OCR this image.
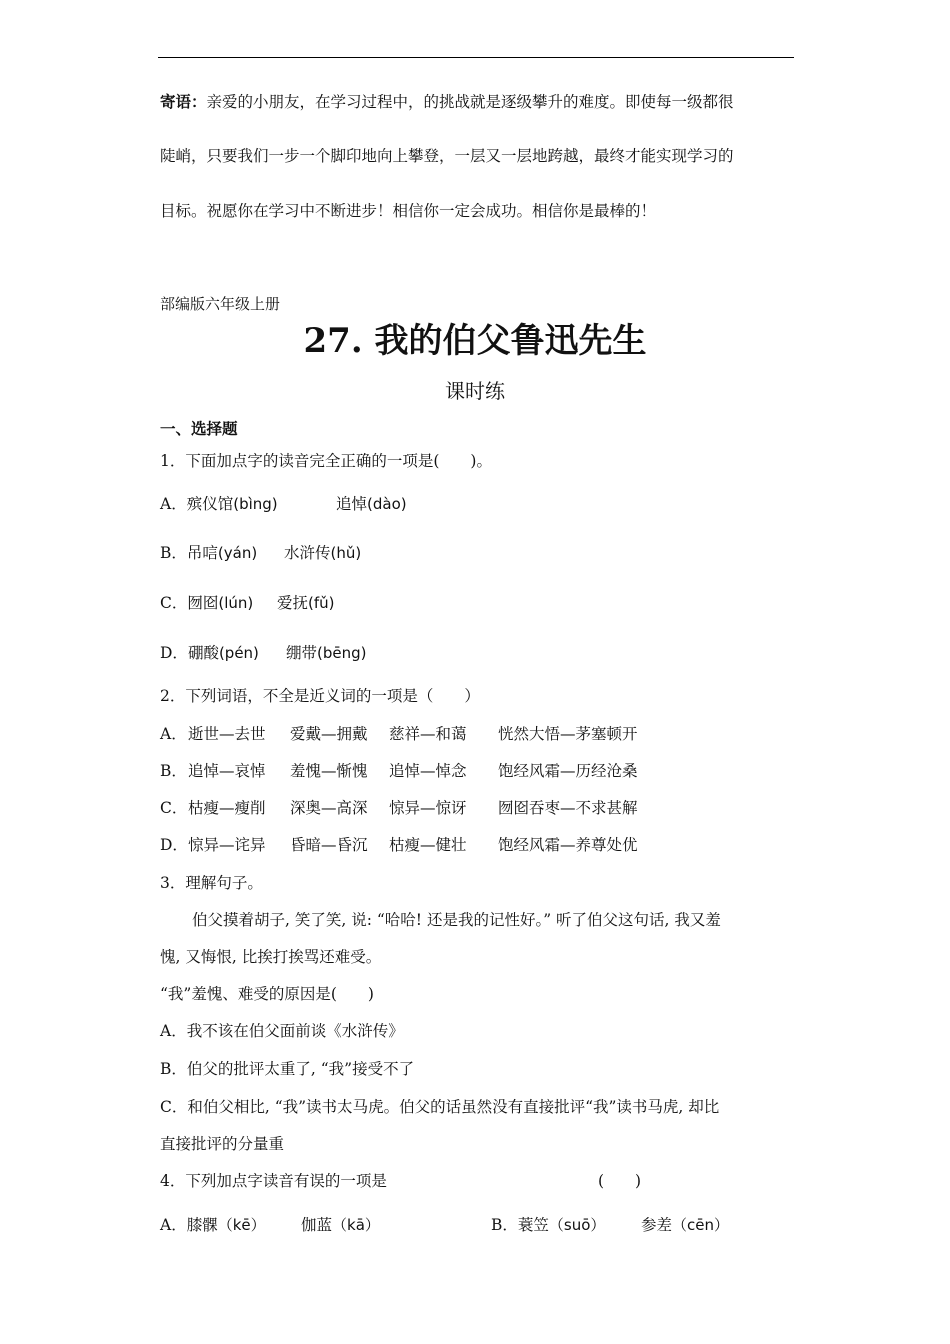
寄语：亲爱的小朋友，在学习过程中，的挑战就是逐级攀升的难度。即使每一级都很
陡峭，只要我们一步一个脚印地向上攀登，一层又一层地跨越，最终才能实现学习的
目标。祝愿你在学习中不断进步！相信你一定会成功。相信你是最棒的！
部编版六年级上册
27. 我的伯父鲁迅先生
课时练
一、选择题
1．下面加点字的读音完全正确的一项是(　　)。
A．殡仪馆(bìng)	追悼(dào)
B．吊唁(yán) 水浒传(hǔ)
C．囫囵(lún) 爱抚(fǔ)
D．硼酸(pén) 绷带(bēng)
2．下列词语，不全是近义词的一项是（　　）
A． 逝世—去世 爱戴—拥戴 慈祥—和蔼 恍然大悟—茅塞顿开
B． 追悼—哀悼 羞愧—惭愧 追悼—悼念 饱经风霜—历经沧桑
C． 枯瘦—瘦削 深奥—高深 惊异—惊讶 囫囵吞枣—不求甚解
D． 惊异—诧异 昏暗—昏沉 枯瘦—健壮 饱经风霜—养尊处优
3．理解句子。
伯父摸着胡子, 笑了笑, 说: “哈哈! 还是我的记性好。” 听了伯父这句话, 我又羞
愧, 又悔恨, 比挨打挨骂还难受。
“我”羞愧、难受的原因是(　　)
A．我不该在伯父面前谈《水浒传》
B．伯父的批评太重了, “我”接受不了
C．和伯父相比, “我”读书太马虎。伯父的话虽然没有直接批评“我”读书马虎, 却比
直接批评的分量重
4．下列加点字读音有误的一项是	(　　)
A．膝髁（kē） 伽蓝（kā）	B．蓑笠（suō） 参差（cēn）
